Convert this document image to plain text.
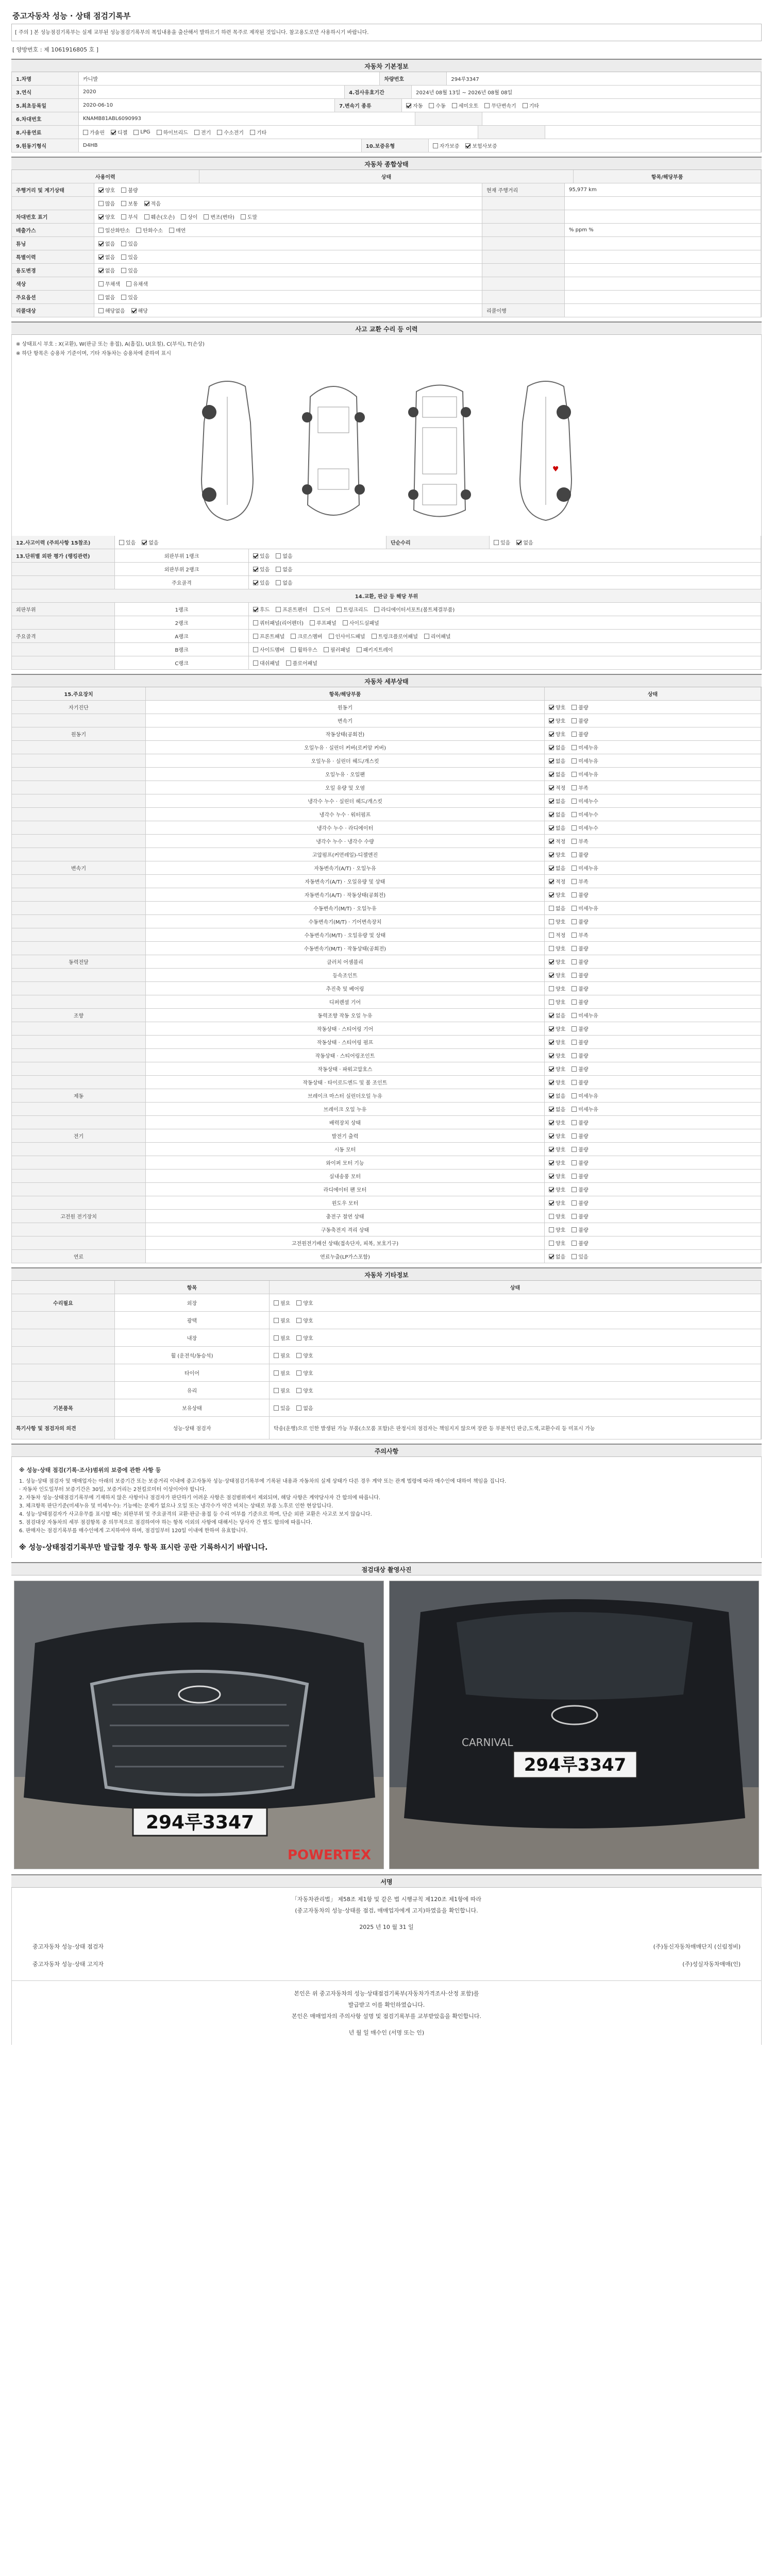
중고자동차 성능 · 상태 점검기록부
[ 주의 ] 본 성능점검기록부는 실제 교부된 성능점검기록부의 복입내용을 출산해서 발하르기 하련 목주로 제작된 것입니다. 참고용도로만 사용하시기 바랍니다.
[ 양방번호 : 제 1061916805 호 ]
자동차 기본정보
1.차명	카니발	차량번호	294루3347
3.연식	2020	4.검사유효기간	2024년 08월 13일 ~ 2026년 08월 08일
5.최초등록일	2020-06-10	7.변속기 종류	자동	수동	세미오토	무단변속기	기타
6.차대번호	KNAMB81ABL6090993
8.사용연료	가솔린	디젤	LPG	하이브리드	전기	수소전기	기타
9.원동기형식	D4HB	10.보증유형	자가보증	보험사보증
자동차 종합상태
사용이력	상태	항목/해당부품
주행거리 및 계기상태	양호	불량	현재 주행거리	95,977 km
많음	보통	적음
차대번호 표기	양호	부식	훼손(오손)	상이	변조(변타)	도말
배출가스	일산화탄소	탄화수소	매연	% ppm %
튜닝	없음	있음
특별이력	없음	있음
용도변경	없음	있음
색상	무채색	유채색
주요옵션	없음	있음
리콜대상	해당없음	해당	리콜이행
사고 교환 수리 등 이력
※ 상태표시 부호 : X(교환), W(판금 또는 용접), A(흠집), U(요철), C(부식), T(손상)
※ 하단 항목은 승용차 기준이며, 기타 자동차는 승용차에 준하여 표시
♥
12.사고이력 (주의사항 15참조)	있음	없음	단순수리	있음	없음
13.단위별 외판 평가 (랭킹관련)	외판부위 1랭크	있음	없음
외판부위 2랭크	있음	없음
주요골격	있음	없음
14.교환, 판금 등 해당 부위
외판부위	1랭크	후드	프론트펜더	도어	트렁크리드	라디에이터서포트(볼트체결부품)
2랭크	쿼터패널(리어펜더)	루프패널	사이드실패널
주요골격	A랭크	프론트패널	크로스멤버	인사이드패널	트렁크플로어패널	리어패널
B랭크	사이드멤버	휠하우스	필러패널	패키지트레이
C랭크	대쉬패널	플로어패널
자동차 세부상태
15.주요장치	항목/해당부품	상태
자기진단	원동기	양호	불량
변속기	양호	불량
원동기	작동상태(공회전)	양호	불량
오일누유 · 실린더 커버(로커암 커버)	없음	미세누유
오일누유 · 실린더 헤드/개스킷	없음	미세누유
오일누유 · 오일팬	없음	미세누유
오일 유량 및 오염	적정	부족
냉각수 누수 · 실린더 헤드/개스킷	없음	미세누수
냉각수 누수 · 워터펌프	없음	미세누수
냉각수 누수 · 라디에이터	없음	미세누수
냉각수 누수 · 냉각수 수량	적정	부족
고압펌프(커먼레일)-디젤엔진	양호	불량
변속기	자동변속기(A/T) · 오일누유	없음	미세누유
자동변속기(A/T) · 오일유량 및 상태	적정	부족
자동변속기(A/T) · 작동상태(공회전)	양호	불량
수동변속기(M/T) · 오일누유	없음	미세누유
수동변속기(M/T) · 기어변속장치	양호	불량
수동변속기(M/T) · 오일유량 및 상태	적정	부족
수동변속기(M/T) · 작동상태(공회전)	양호	불량
동력전달	클러치 어셈블리	양호	불량
등속조인트	양호	불량
추진축 및 베어링	양호	불량
디퍼렌셜 기어	양호	불량
조향	동력조향 작동 오일 누유	없음	미세누유
작동상태 · 스티어링 기어	양호	불량
작동상태 · 스티어링 펌프	양호	불량
작동상태 · 스티어링조인트	양호	불량
작동상태 · 파워고압호스	양호	불량
작동상태 · 타이로드엔드 및 볼 조인트	양호	불량
제동	브레이크 마스터 실린더오일 누유	없음	미세누유
브레이크 오일 누유	없음	미세누유
배력장치 상태	양호	불량
전기	발전기 출력	양호	불량
시동 모터	양호	불량
와이퍼 모터 기능	양호	불량
실내송풍 모터	양호	불량
라디에이터 팬 모터	양호	불량
윈도우 모터	양호	불량
고전원 전기장치	충전구 절연 상태	양호	불량
구동축전지 격리 상태	양호	불량
고전원전기배선 상태(접속단자, 피복, 보호기구)	양호	불량
연료	연료누출(LP가스포함)	없음	있음
자동차 기타정보
항목	상태
수리필요	외장	필요	양호
광택	필요	양호
내장	필요	양호
휠 (운전석/동승석)	필요	양호
타이어	필요	양호
유리	필요	양호
기본품목	보유상태	있음	없음
특기사항 및 점검자의 의견	성능·상태 점검자	탁송(운행)으로 인한 발생된 가능 부품(소모품 포함)은 판정시의 점검자는 책임지지 않으며 장관 등 부분적인 판금,도색,교환수리 등 미표시 가능
주의사항
※ 성능·상태 점검(기록·조사)범위의 보증에 관한 사항 등
1. 성능·상태 점검자 및 매매업자는 아래의 보증기간 또는 보증거리 이내에 중고자동차 성능·상태점검기록부에 기록된 내용과 자동차의 실제 상태가 다른 경우 계약 또는 관계 법령에 따라 매수인에 대하여 책임을 집니다.
· 자동차 인도일부터 보증기간은 30일, 보증거리는 2천킬로미터 이상이어야 합니다.
2. 자동차 성능·상태점검기록부에 기재하지 않은 사항이나 점검자가 판단하기 어려운 사항은 점검범위에서 제외되며, 해당 사항은 계약당사자 간 합의에 따릅니다.
3. 체크항목 판단기준(미세누유 및 미세누수): 기능에는 문제가 없으나 오일 또는 냉각수가 약간 비치는 상태로 부품 노후로 인한 현상입니다.
4. 성능·상태점검자가 사고유무를 표시할 때는 외판부위 및 주요골격의 교환·판금·용접 등 수리 여부를 기준으로 하며, 단순 외판 교환은 사고로 보지 않습니다.
5. 점검대상 자동차의 세부 점검항목 중 의무적으로 점검하여야 하는 항목 이외의 사항에 대해서는 당사자 간 별도 합의에 따릅니다.
6. 판매자는 점검기록부를 매수인에게 고지하여야 하며, 점검일부터 120일 이내에 한하여 유효합니다.
※ 성능·상태점검기록부만 발급할 경우 항목 표시란 공란 기록하시기 바랍니다.
점검대상 촬영사진
294루3347
POWERTEX
294루3347
CARNIVAL
서명
「자동차관리법」 제58조 제1항 및 같은 법 시행규칙 제120조 제1항에 따라
(중고자동차의 성능·상태를 점검, 매매업자에게 고지)하였음을 확인합니다.
2025 년 10 월 31 일
중고자동차 성능·상태 점검자	(주)동신자동차매매단지 (신림정비)
중고자동차 성능·상태 고지자	(주)성실자동차매매(인)
본인은 위 중고자동차의 성능·상태점검기록부(자동차가격조사·산정 포함)를
발급받고 이를 확인하였습니다.
본인은 매매업자의 주의사항 설명 및 점검기록부를 교부받았음을 확인합니다.
년 월 일 매수인 (서명 또는 인)
